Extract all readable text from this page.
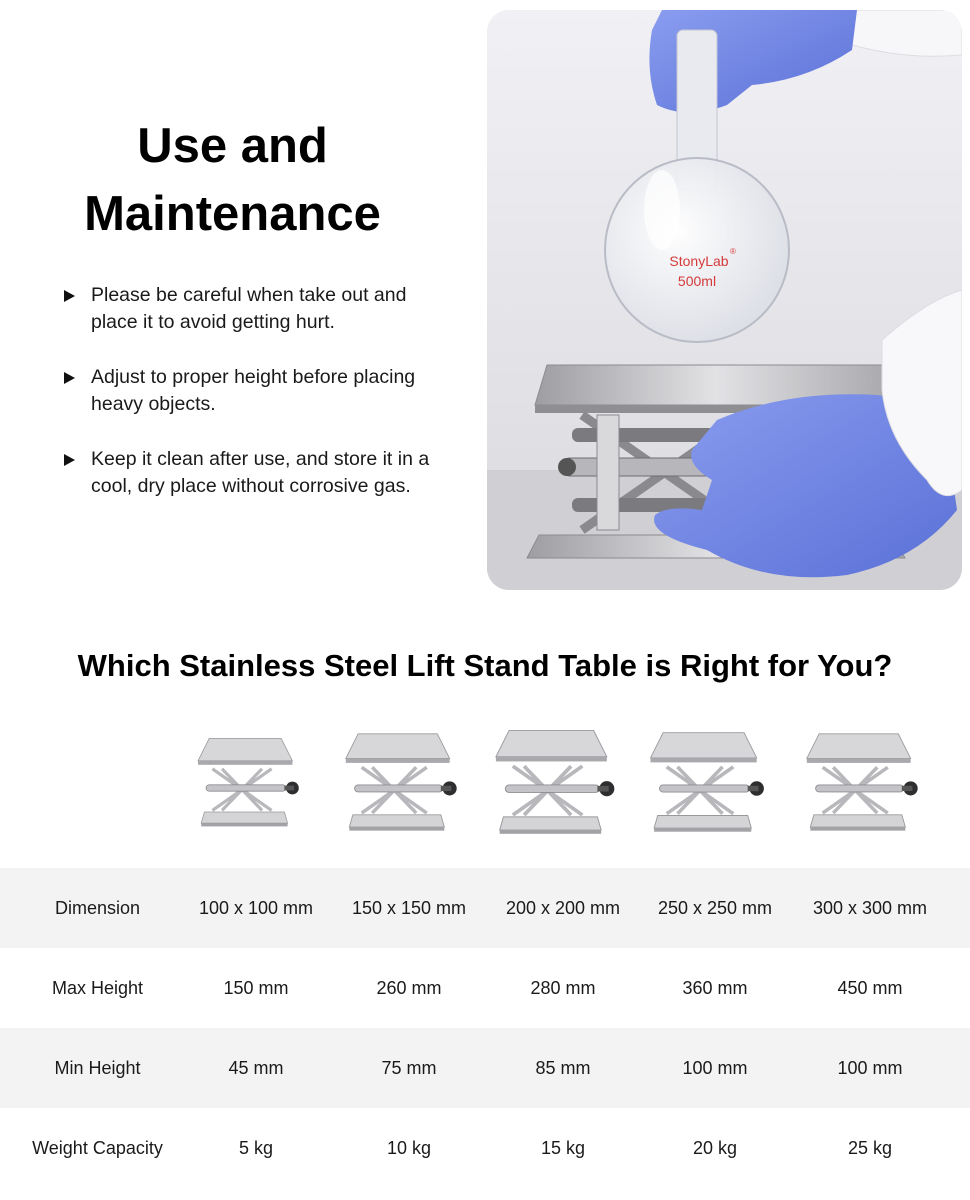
Use and
Maintenance
Please be careful when take out and place it to avoid getting hurt.
Adjust to proper height before placing heavy objects.
Keep it clean after use, and store it in a cool, dry place without corrosive gas.
StonyLab
®
500ml
Which Stainless Steel Lift Stand Table is Right for You?
Dimension	100 x 100 mm	150 x 150 mm	200 x 200 mm	250 x 250 mm	300 x 300 mm
Max Height	150 mm	260 mm	280 mm	360 mm	450 mm
Min Height	45 mm	75 mm	85 mm	100 mm	100 mm
Weight Capacity	5 kg	10 kg	15 kg	20 kg	25 kg
